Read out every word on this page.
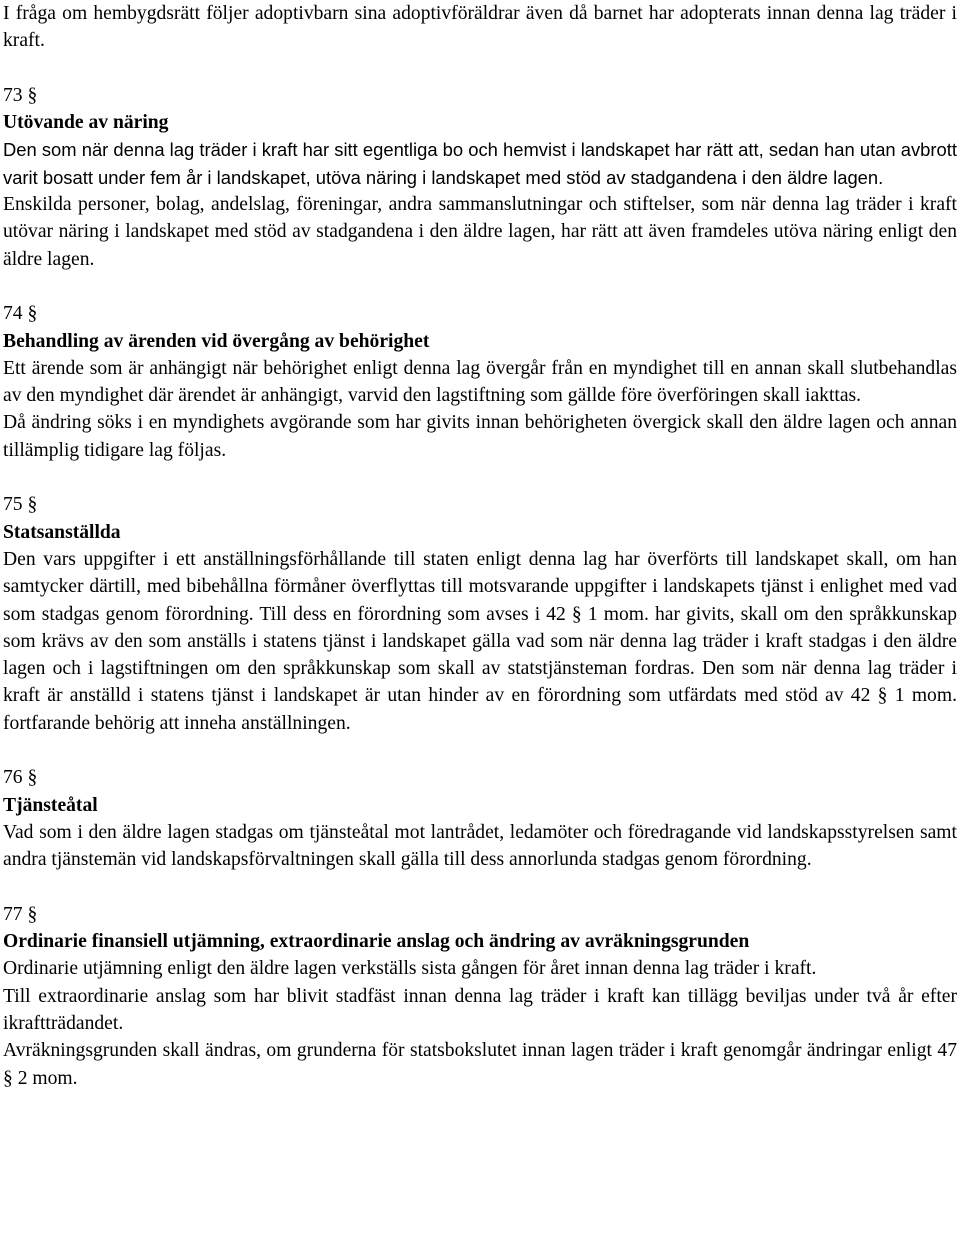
I fråga om hembygdsrätt följer adoptivbarn sina adoptivföräldrar även då barnet har adopterats innan denna lag träder i kraft.

73 §
Utövande av näring

Den som när denna lag träder i kraft har sitt egentliga bo och hemvist i landskapet har rätt att, sedan han utan avbrott varit bosatt under fem år i landskapet, utöva näring i landskapet med stöd av stadgandena i den äldre lagen.

Enskilda personer, bolag, andelslag, föreningar, andra sammanslutningar och stiftelser, som när denna lag träder i kraft utövar näring i landskapet med stöd av stadgandena i den äldre lagen, har rätt att även framdeles utöva näring enligt den äldre lagen.

74 §
Behandling av ärenden vid övergång av behörighet

Ett ärende som är anhängigt när behörighet enligt denna lag övergår från en myndighet till en annan skall slutbehandlas av den myndighet där ärendet är anhängigt, varvid den lagstiftning som gällde före överföringen skall iakttas.

Då ändring söks i en myndighets avgörande som har givits innan behörigheten övergick skall den äldre lagen och annan tillämplig tidigare lag följas.

75 §
Statsanställda

Den vars uppgifter i ett anställningsförhållande till staten enligt denna lag har överförts till landskapet skall, om han samtycker därtill, med bibehållna förmåner överflyttas till motsvarande uppgifter i landskapets tjänst i enlighet med vad som stadgas genom förordning. Till dess en förordning som avses i 42 § 1 mom. har givits, skall om den språkkunskap som krävs av den som anställs i statens tjänst i landskapet gälla vad som när denna lag träder i kraft stadgas i den äldre lagen och i lagstiftningen om den språkkunskap som skall av statstjänsteman fordras. Den som när denna lag träder i kraft är anställd i statens tjänst i landskapet är utan hinder av en förordning som utfärdats med stöd av 42 § 1 mom. fortfarande behörig att inneha anställningen.

76 §
Tjänsteåtal

Vad som i den äldre lagen stadgas om tjänsteåtal mot lantrådet, ledamöter och föredragande vid landskapsstyrelsen samt andra tjänstemän vid landskapsförvaltningen skall gälla till dess annorlunda stadgas genom förordning.

77 §
Ordinarie finansiell utjämning, extraordinarie anslag och ändring av avräkningsgrunden

Ordinarie utjämning enligt den äldre lagen verkställs sista gången för året innan denna lag träder i kraft.

Till extraordinarie anslag som har blivit stadfäst innan denna lag träder i kraft kan tillägg beviljas under två år efter ikraftträdandet.

Avräkningsgrunden skall ändras, om grunderna för statsbokslutet innan lagen träder i kraft genomgår ändringar enligt 47 § 2 mom.
